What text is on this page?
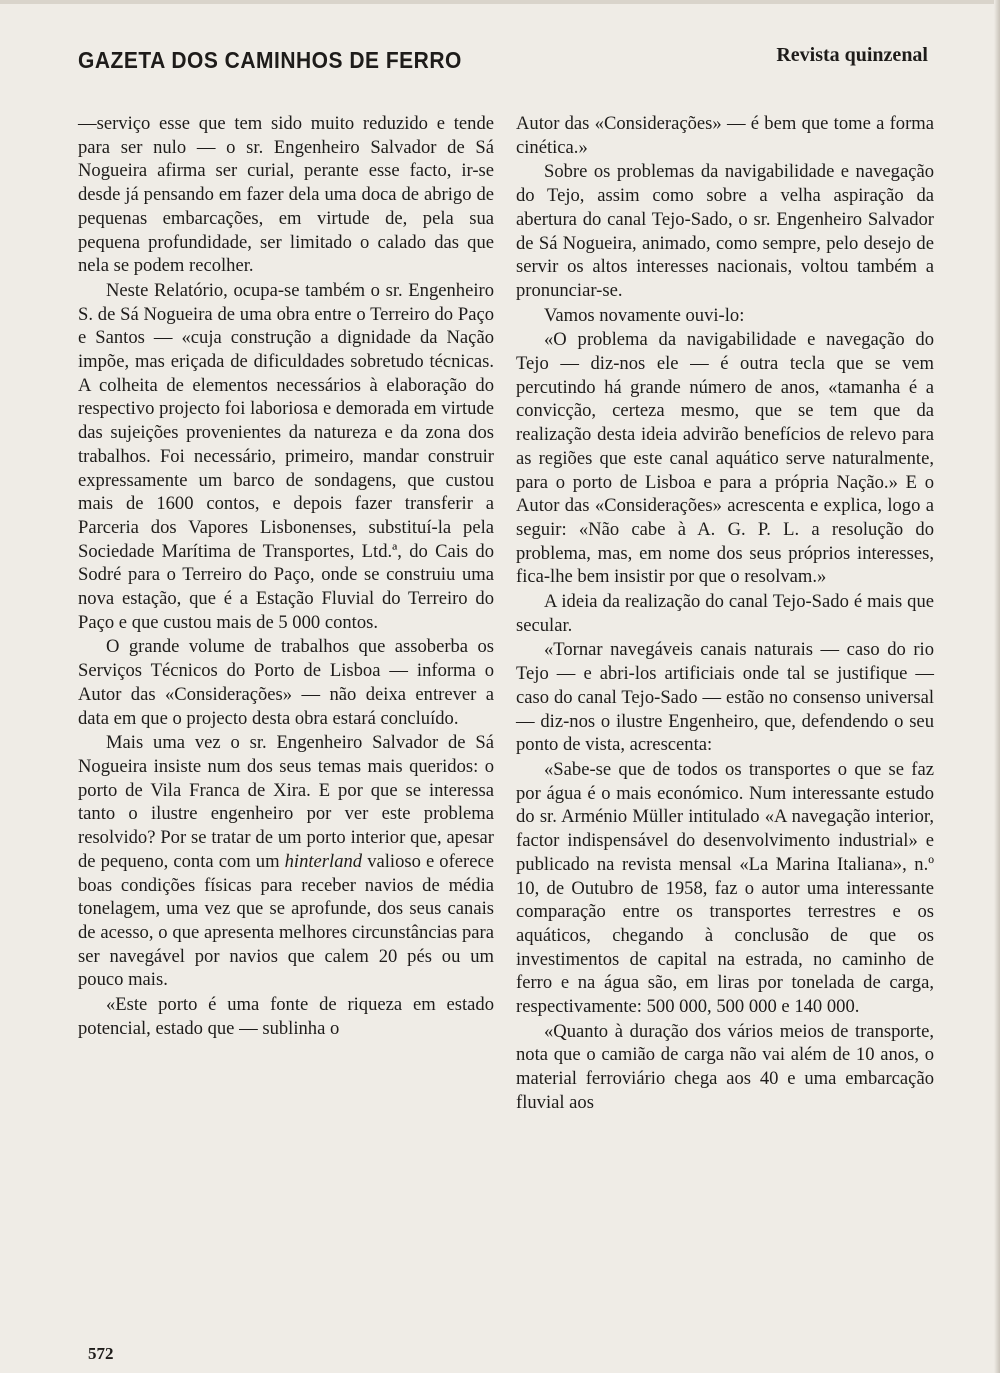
GAZETA DOS CAMINHOS DE FERRO	Revista quinzenal

—serviço esse que tem sido muito reduzido e tende para ser nulo — o sr. Engenheiro Salvador de Sá Nogueira afirma ser curial, perante esse facto, ir-se desde já pensando em fazer dela uma doca de abrigo de pequenas embarcações, em virtude de, pela sua pequena profundidade, ser limitado o calado das que nela se podem recolher.

Neste Relatório, ocupa-se também o sr. Engenheiro S. de Sá Nogueira de uma obra entre o Terreiro do Paço e Santos — «cuja construção a dignidade da Nação impõe, mas eriçada de dificuldades sobretudo técnicas. A colheita de elementos necessários à elaboração do respectivo projecto foi laboriosa e demorada em virtude das sujeições provenientes da natureza e da zona dos trabalhos. Foi necessário, primeiro, mandar construir expressamente um barco de sondagens, que custou mais de 1600 contos, e depois fazer transferir a Parceria dos Vapores Lisbonenses, substituí-la pela Sociedade Marítima de Transportes, Ltd.ª, do Cais do Sodré para o Terreiro do Paço, onde se construiu uma nova estação, que é a Estação Fluvial do Terreiro do Paço e que custou mais de 5 000 contos.

O grande volume de trabalhos que assoberba os Serviços Técnicos do Porto de Lisboa — informa o Autor das «Considerações» — não deixa entrever a data em que o projecto desta obra estará concluído.

Mais uma vez o sr. Engenheiro Salvador de Sá Nogueira insiste num dos seus temas mais queridos: o porto de Vila Franca de Xira. E por que se interessa tanto o ilustre engenheiro por ver este problema resolvido? Por se tratar de um porto interior que, apesar de pequeno, conta com um hinterland valioso e oferece boas condições físicas para receber navios de média tonelagem, uma vez que se aprofunde, dos seus canais de acesso, o que apresenta melhores circunstâncias para ser navegável por navios que calem 20 pés ou um pouco mais.

«Este porto é uma fonte de riqueza em estado potencial, estado que — sublinha o

Autor das «Considerações» — é bem que tome a forma cinética.»

Sobre os problemas da navigabilidade e navegação do Tejo, assim como sobre a velha aspiração da abertura do canal Tejo-Sado, o sr. Engenheiro Salvador de Sá Nogueira, animado, como sempre, pelo desejo de servir os altos interesses nacionais, voltou também a pronunciar-se.

Vamos novamente ouvi-lo:

«O problema da navigabilidade e navegação do Tejo — diz-nos ele — é outra tecla que se vem percutindo há grande número de anos, «tamanha é a convicção, certeza mesmo, que se tem que da realização desta ideia advirão benefícios de relevo para as regiões que este canal aquático serve naturalmente, para o porto de Lisboa e para a própria Nação.» E o Autor das «Considerações» acrescenta e explica, logo a seguir: «Não cabe à A. G. P. L. a resolução do problema, mas, em nome dos seus próprios interesses, fica-lhe bem insistir por que o resolvam.»

A ideia da realização do canal Tejo-Sado é mais que secular.

«Tornar navegáveis canais naturais — caso do rio Tejo — e abri-los artificiais onde tal se justifique — caso do canal Tejo-Sado — estão no consenso universal — diz-nos o ilustre Engenheiro, que, defendendo o seu ponto de vista, acrescenta:

«Sabe-se que de todos os transportes o que se faz por água é o mais económico. Num interessante estudo do sr. Arménio Müller intitulado «A navegação interior, factor indispensável do desenvolvimento industrial» e publicado na revista mensal «La Marina Italiana», n.º 10, de Outubro de 1958, faz o autor uma interessante comparação entre os transportes terrestres e os aquáticos, chegando à conclusão de que os investimentos de capital na estrada, no caminho de ferro e na água são, em liras por tonelada de carga, respectivamente: 500 000, 500 000 e 140 000.

«Quanto à duração dos vários meios de transporte, nota que o camião de carga não vai além de 10 anos, o material ferroviário chega aos 40 e uma embarcação fluvial aos

572
